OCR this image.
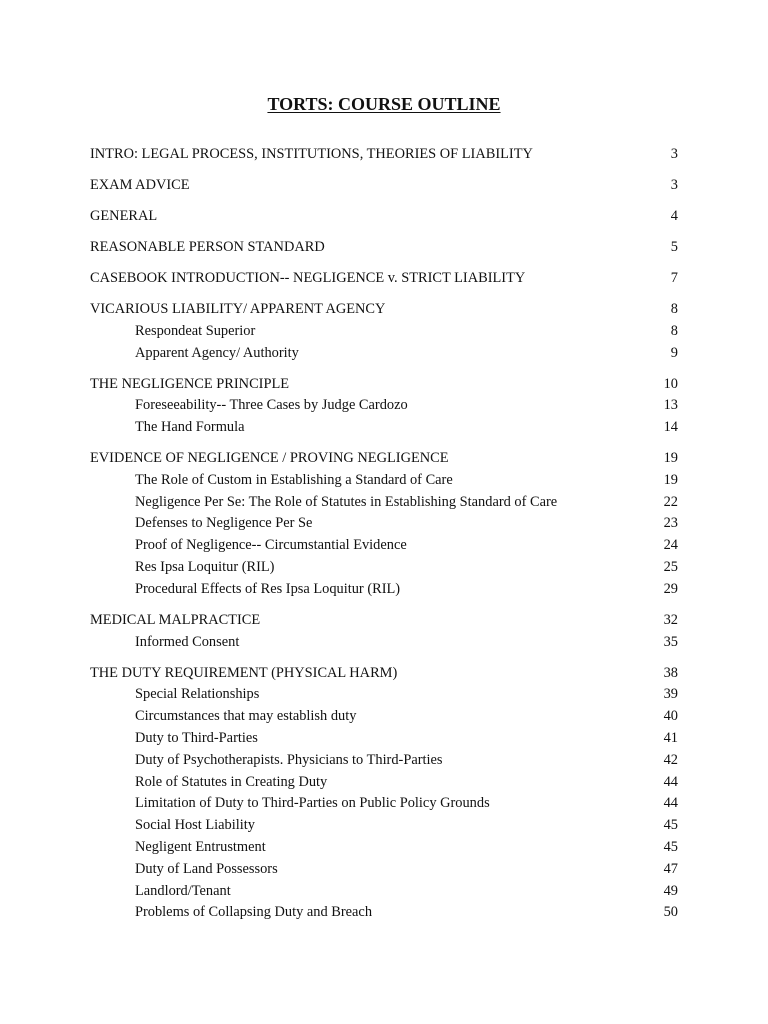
TORTS: COURSE OUTLINE
INTRO: LEGAL PROCESS, INSTITUTIONS, THEORIES OF LIABILITY	3
EXAM ADVICE	3
GENERAL	4
REASONABLE PERSON STANDARD	5
CASEBOOK INTRODUCTION-- NEGLIGENCE v. STRICT LIABILITY	7
VICARIOUS LIABILITY/ APPARENT AGENCY	8
Respondeat Superior	8
Apparent Agency/ Authority	9
THE NEGLIGENCE PRINCIPLE	10
Foreseeability-- Three Cases by Judge Cardozo	13
The Hand Formula	14
EVIDENCE OF NEGLIGENCE / PROVING NEGLIGENCE	19
The Role of Custom in Establishing a Standard of Care	19
Negligence Per Se: The Role of Statutes in Establishing Standard of Care	22
Defenses to Negligence Per Se	23
Proof of Negligence-- Circumstantial Evidence	24
Res Ipsa Loquitur (RIL)	25
Procedural Effects of Res Ipsa Loquitur (RIL)	29
MEDICAL MALPRACTICE	32
Informed Consent	35
THE DUTY REQUIREMENT (PHYSICAL HARM)	38
Special Relationships	39
Circumstances that may establish duty	40
Duty to Third-Parties	41
Duty of Psychotherapists. Physicians to Third-Parties	42
Role of Statutes in Creating Duty	44
Limitation of Duty to Third-Parties on Public Policy Grounds	44
Social Host Liability	45
Negligent Entrustment	45
Duty of Land Possessors	47
Landlord/Tenant	49
Problems of Collapsing Duty and Breach	50
